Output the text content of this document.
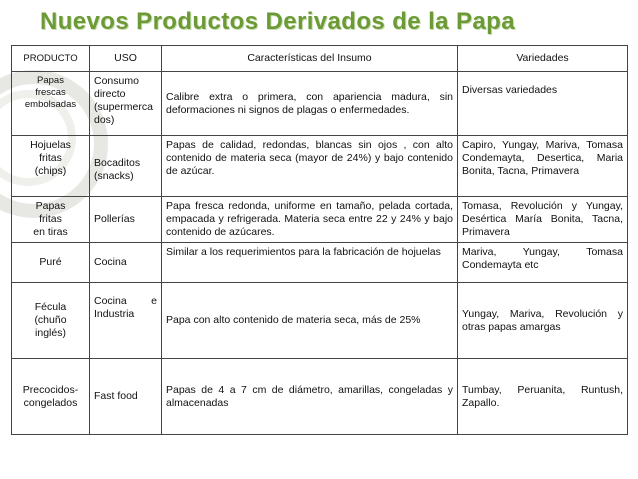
Nuevos Productos Derivados de la Papa
PRODUCTO	USO	Características del Insumo	Variedades
Papas
frescas
embolsadas	Consumo directo (supermercados)	Calibre extra o primera, con apariencia madura, sin deformaciones ni signos de plagas o enfermedades.	Diversas variedades
Hojuelas
fritas
(chips)	Bocaditos (snacks)	Papas de calidad, redondas, blancas sin ojos , con alto contenido de materia seca (mayor de 24%) y bajo contenido de azúcar.	Capiro, Yungay, Mariva, Tomasa Condemayta, Desertica, Maria Bonita, Tacna, Primavera
Papas
fritas
en tiras	Pollerías	Papa fresca redonda, uniforme en tamaño, pelada cortada, empacada y refrigerada. Materia seca entre 22 y 24% y bajo contenido de azúcares.	Tomasa, Revolución y Yungay, Desértica María Bonita, Tacna, Primavera
Puré	Cocina	Similar a los requerimientos para la fabricación de hojuelas	Mariva, Yungay, Tomasa Condemayta etc
Fécula
(chuño
inglés)	Cocina e Industria	Papa con alto contenido de materia seca, más de 25%	Yungay, Mariva, Revolución y otras papas amargas
Precocidos-
congelados	Fast food	Papas de 4 a 7 cm de diámetro, amarillas, congeladas y almacenadas	Tumbay, Peruanita, Runtush, Zapallo.
